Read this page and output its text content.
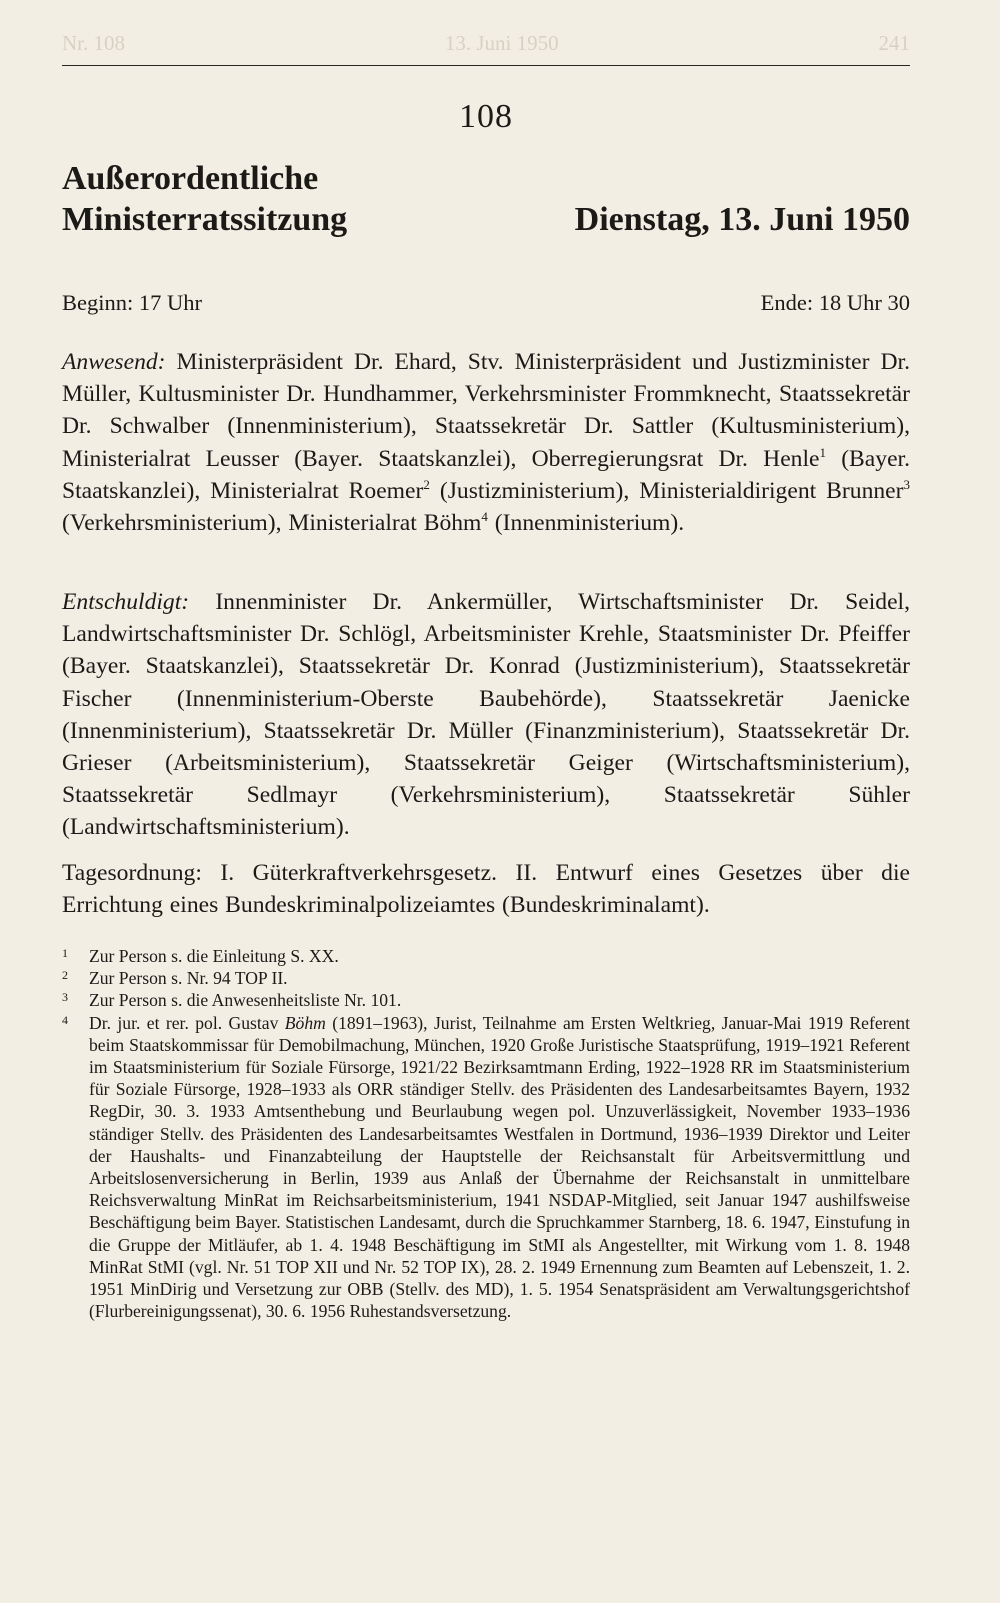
Nr. 108	13. Juni 1950	241
108
Außerordentliche
Ministerratssitzung	Dienstag, 13. Juni 1950
Beginn: 17 Uhr	Ende: 18 Uhr 30
Anwesend: Ministerpräsident Dr. Ehard, Stv. Ministerpräsident und Justizminister Dr. Müller, Kultusminister Dr. Hundhammer, Verkehrsminister Frommknecht, Staatssekretär Dr. Schwalber (Innenministerium), Staatssekretär Dr. Sattler (Kultusministerium), Ministerialrat Leusser (Bayer. Staatskanzlei), Oberregierungsrat Dr. Henle$^1$ (Bayer. Staatskanzlei), Ministerialrat Roemer$^2$ (Justizministerium), Ministerialdirigent Brunner$^3$ (Verkehrsministerium), Ministerialrat Böhm$^4$ (Innenministerium).
Entschuldigt: Innenminister Dr. Ankermüller, Wirtschaftsminister Dr. Seidel, Landwirtschaftsminister Dr. Schlögl, Arbeitsminister Krehle, Staatsminister Dr. Pfeiffer (Bayer. Staatskanzlei), Staatssekretär Dr. Konrad (Justizministerium), Staatssekretär Fischer (Innenministerium-Oberste Baubehörde), Staatssekretär Jaenicke (Innenministerium), Staatssekretär Dr. Müller (Finanzministerium), Staatssekretär Dr. Grieser (Arbeitsministerium), Staatssekretär Geiger (Wirtschaftsministerium), Staatssekretär Sedlmayr (Verkehrsministerium), Staatssekretär Sühler (Landwirtschaftsministerium).
Tagesordnung: I. Güterkraftverkehrsgesetz. II. Entwurf eines Gesetzes über die Errichtung eines Bundeskriminalpolizeiamtes (Bundeskriminalamt).
1	Zur Person s. die Einleitung S. XX.
2	Zur Person s. Nr. 94 TOP II.
3	Zur Person s. die Anwesenheitsliste Nr. 101.
4	Dr. jur. et rer. pol. Gustav Böhm (1891–1963), Jurist, Teilnahme am Ersten Weltkrieg, Januar-Mai 1919 Referent beim Staatskommissar für Demobilmachung, München, 1920 Große Juristische Staatsprüfung, 1919–1921 Referent im Staatsministerium für Soziale Fürsorge, 1921/22 Bezirksamtmann Erding, 1922–1928 RR im Staatsministerium für Soziale Fürsorge, 1928–1933 als ORR ständiger Stellv. des Präsidenten des Landesarbeitsamtes Bayern, 1932 RegDir, 30. 3. 1933 Amtsenthebung und Beurlaubung wegen pol. Unzuverlässigkeit, November 1933–1936 ständiger Stellv. des Präsidenten des Landesarbeitsamtes Westfalen in Dortmund, 1936–1939 Direktor und Leiter der Haushalts- und Finanzabteilung der Hauptstelle der Reichsanstalt für Arbeitsvermittlung und Arbeitslosenversicherung in Berlin, 1939 aus Anlaß der Übernahme der Reichsanstalt in unmittelbare Reichsverwaltung MinRat im Reichsarbeitsministerium, 1941 NSDAP-Mitglied, seit Januar 1947 aushilfsweise Beschäftigung beim Bayer. Statistischen Landesamt, durch die Spruchkammer Starnberg, 18. 6. 1947, Einstufung in die Gruppe der Mitläufer, ab 1. 4. 1948 Beschäftigung im StMI als Angestellter, mit Wirkung vom 1. 8. 1948 MinRat StMI (vgl. Nr. 51 TOP XII und Nr. 52 TOP IX), 28. 2. 1949 Ernennung zum Beamten auf Lebenszeit, 1. 2. 1951 MinDirig und Versetzung zur OBB (Stellv. des MD), 1. 5. 1954 Senatspräsident am Verwaltungsgerichtshof (Flurbereinigungssenat), 30. 6. 1956 Ruhestandsversetzung.
